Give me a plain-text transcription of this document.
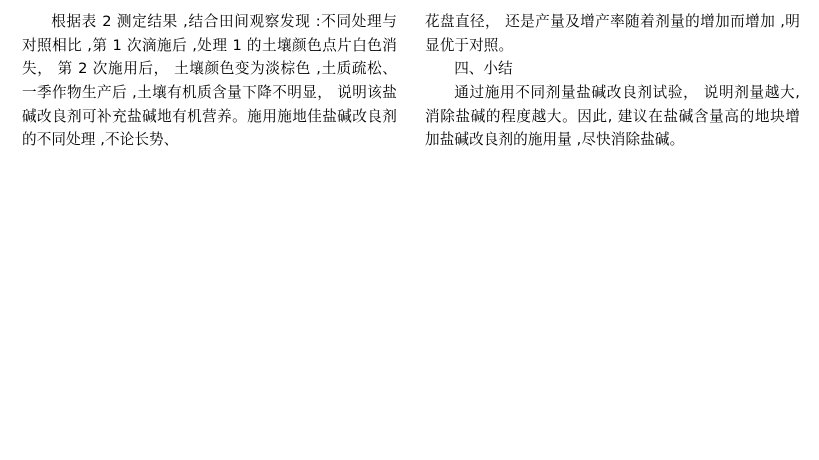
根据表 2 测定结果 ,结合田间观察发现 :不同处理与对照相比 ,第 1 次滴施后 ,处理 1 的土壤颜色点片白色消失， 第 2 次施用后， 土壤颜色变为淡棕色 ,土质疏松、一季作物生产后 ,土壤有机质含量下降不明显， 说明该盐碱改良剂可补充盐碱地有机营养。施用施地佳盐碱改良剂的不同处理 ,不论长势、

花盘直径， 还是产量及增产率随着剂量的增加而增加 ,明显优于对照。

四、小结

通过施用不同剂量盐碱改良剂试验， 说明剂量越大, 消除盐碱的程度越大。因此, 建议在盐碱含量高的地块增加盐碱改良剂的施用量 ,尽快消除盐碱。
